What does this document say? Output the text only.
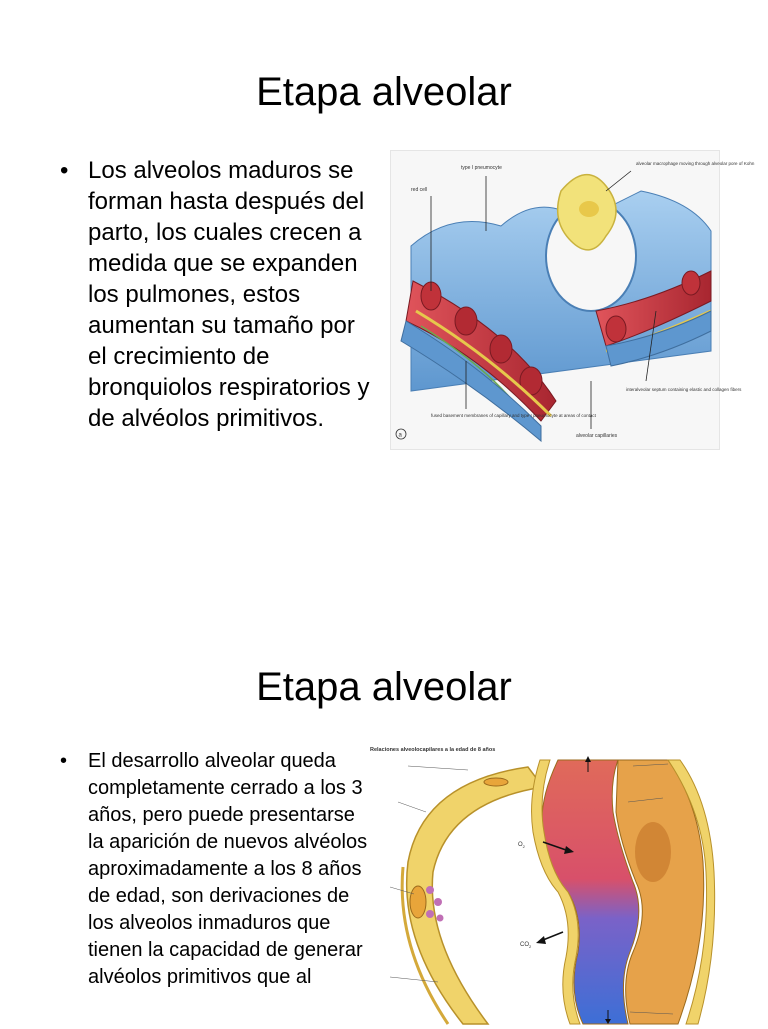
Etapa alveolar
• Los alveolos maduros se forman hasta después del parto, los cuales crecen a medida que se expanden los pulmones, estos aumentan su tamaño por el crecimiento de bronquiolos respiratorios y de alvéolos primitivos.
type I pneumocyte
red cell
alveolar macrophage moving through alveolar pore of Kohn
interalveolar septum containing elastic and collagen fibers
fused basement membranes of capillary and type I pneumocyte at areas of contact
alveolar capillaries
a
Etapa alveolar
• El desarrollo alveolar queda completamente cerrado a los 3 años, pero puede presentarse la aparición de nuevos alvéolos aproximadamente a los 8 años de edad, son derivaciones de los alveolos inmaduros que tienen la capacidad de generar alvéolos primitivos que al
Relaciones alveolocapilares a la edad de 8 años
$O_2$
$CO_2$
